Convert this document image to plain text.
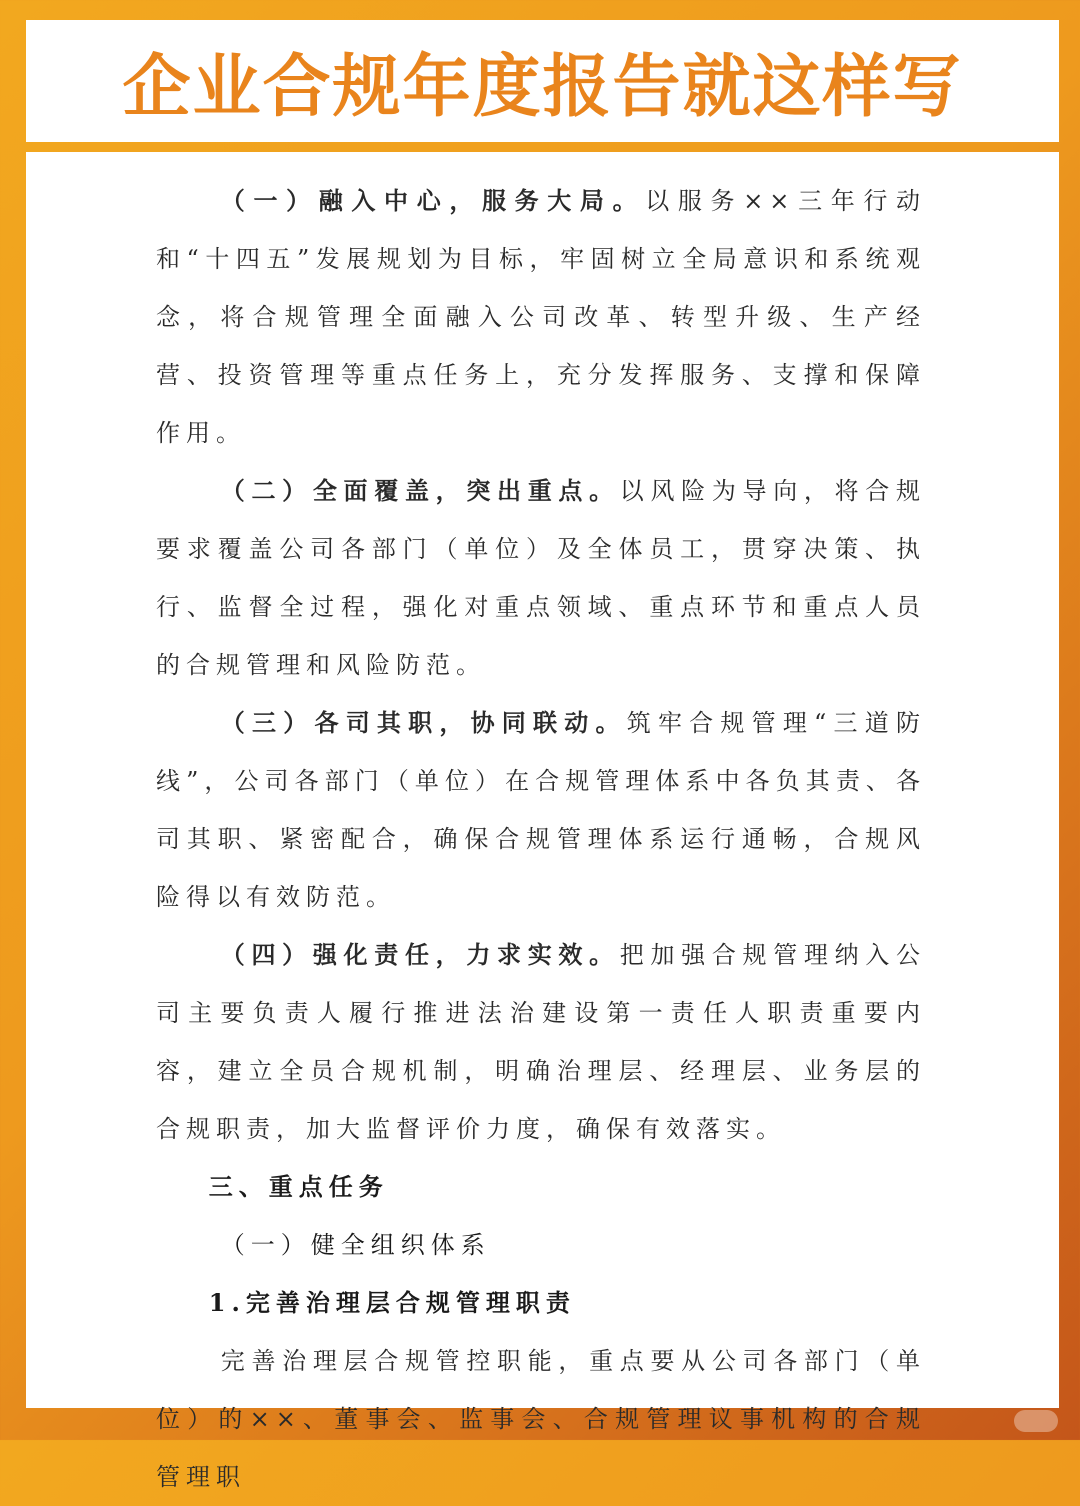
企业合规年度报告就这样写

（一）融入中心，服务大局。以服务××三年行动和“十四五”发展规划为目标，牢固树立全局意识和系统观念，将合规管理全面融入公司改革、转型升级、生产经营、投资管理等重点任务上，充分发挥服务、支撑和保障作用。

（二）全面覆盖，突出重点。以风险为导向，将合规要求覆盖公司各部门（单位）及全体员工，贯穿决策、执行、监督全过程，强化对重点领域、重点环节和重点人员的合规管理和风险防范。

（三）各司其职，协同联动。筑牢合规管理“三道防线”，公司各部门（单位）在合规管理体系中各负其责、各司其职、紧密配合，确保合规管理体系运行通畅，合规风险得以有效防范。

（四）强化责任，力求实效。把加强合规管理纳入公司主要负责人履行推进法治建设第一责任人职责重要内容，建立全员合规机制，明确治理层、经理层、业务层的合规职责，加大监督评价力度，确保有效落实。

三、重点任务

（一）健全组织体系

1.完善治理层合规管理职责

完善治理层合规管控职能，重点要从公司各部门（单位）的××、董事会、监事会、合规管理议事机构的合规管理职
